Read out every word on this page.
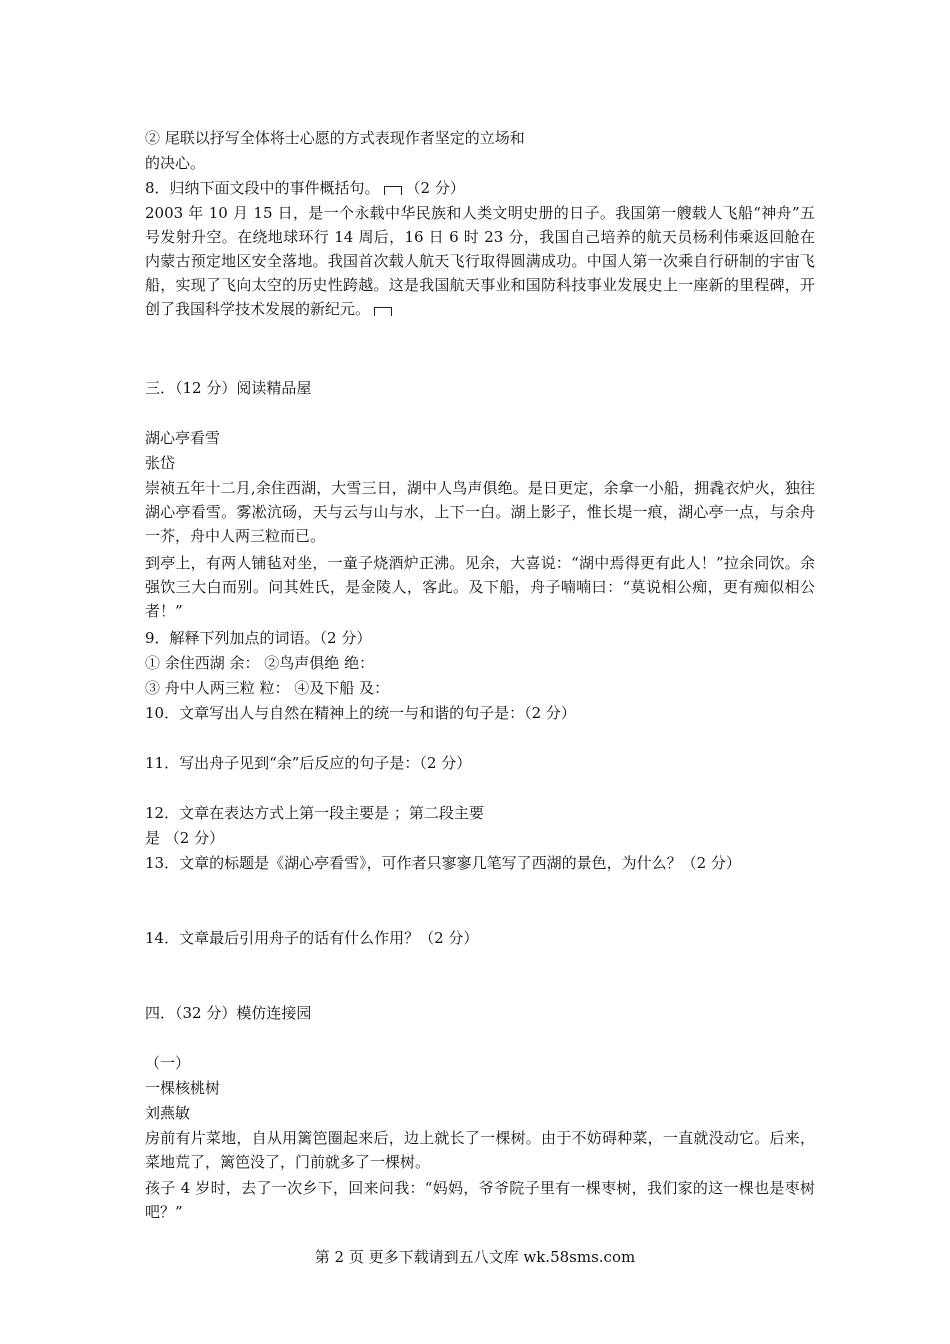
② 尾联以抒写全体将士心愿的方式表现作者坚定的立场和
的决心。
8．归纳下面文段中的事件概括句。 （2 分）
2003 年 10 月 15 日，是一个永载中华民族和人类文明史册的日子。我国第一艘载人飞船“神舟”五号发射升空。在绕地球环行 14 周后，16 日 6 时 23 分，我国自己培养的航天员杨利伟乘返回舱在内蒙古预定地区安全落地。我国首次载人航天飞行取得圆满成功。中国人第一次乘自行研制的宇宙飞船，实现了飞向太空的历史性跨越。这是我国航天事业和国防科技事业发展史上一座新的里程碑，开创了我国科学技术发展的新纪元。
三．（12 分）阅读精品屋
湖心亭看雪
张岱
崇祯五年十二月,余住西湖，大雪三日，湖中人鸟声俱绝。是日更定，余拿一小船，拥毳衣炉火，独往湖心亭看雪。雾凇沆砀，天与云与山与水，上下一白。湖上影子，惟长堤一痕，湖心亭一点，与余舟一芥，舟中人两三粒而已。
到亭上，有两人铺毡对坐，一童子烧酒炉正沸。见余，大喜说：“湖中焉得更有此人！”拉余同饮。余强饮三大白而别。问其姓氏，是金陵人，客此。及下船，舟子喃喃曰：“莫说相公痴，更有痴似相公者！”
9．解释下列加点的词语。（2 分）
① 余住西湖 余： ②鸟声俱绝 绝：
③ 舟中人两三粒 粒： ④及下船 及：
10．文章写出人与自然在精神上的统一与和谐的句子是：（2 分）
11．写出舟子见到“余”后反应的句子是：（2 分）
12．文章在表达方式上第一段主要是 ；第二段主要
是 （2 分）
13．文章的标题是《湖心亭看雪》，可作者只寥寥几笔写了西湖的景色，为什么？（2 分）
14．文章最后引用舟子的话有什么作用？（2 分）
四．（32 分）模仿连接园
（一）
一棵核桃树
刘燕敏
房前有片菜地，自从用篱笆圈起来后，边上就长了一棵树。由于不妨碍种菜，一直就没动它。后来，菜地荒了，篱笆没了，门前就多了一棵树。
孩子 4 岁时，去了一次乡下，回来问我：“妈妈，爷爷院子里有一棵枣树，我们家的这一棵也是枣树吧？”
第 2 页 更多下载请到五八文库 wk.58sms.com
